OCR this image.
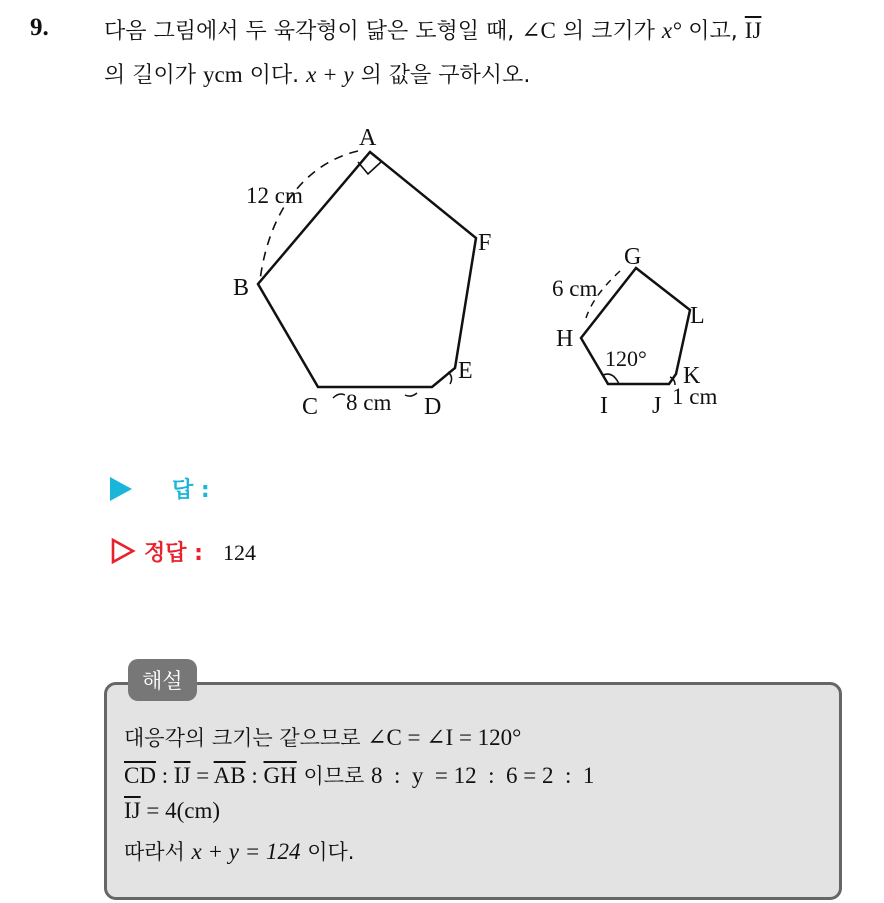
9.	다음 그림에서 두 육각형이 닮은 도형일 때, ∠C 의 크기가 x° 이고, $\overline{IJ}$
의 길이가 ycm 이다. x + y 의 값을 구하시오.
A
B
C	D
E
F
12 cm
8 cm
G
H
I J
K
L
6 cm
120°
1 cm
답 :
정답 : 124
해설
대응각의 크기는 같으므로 ∠C = ∠I = 120°
$\overline{CD}$ : $\overline{IJ} = \overline{AB}$ : $\overline{GH}$ 이므로 8  :  y  = 12  :  6 = 2  :  1
$\overline{IJ} = 4(cm)$
따라서 x + y = 124 이다.
